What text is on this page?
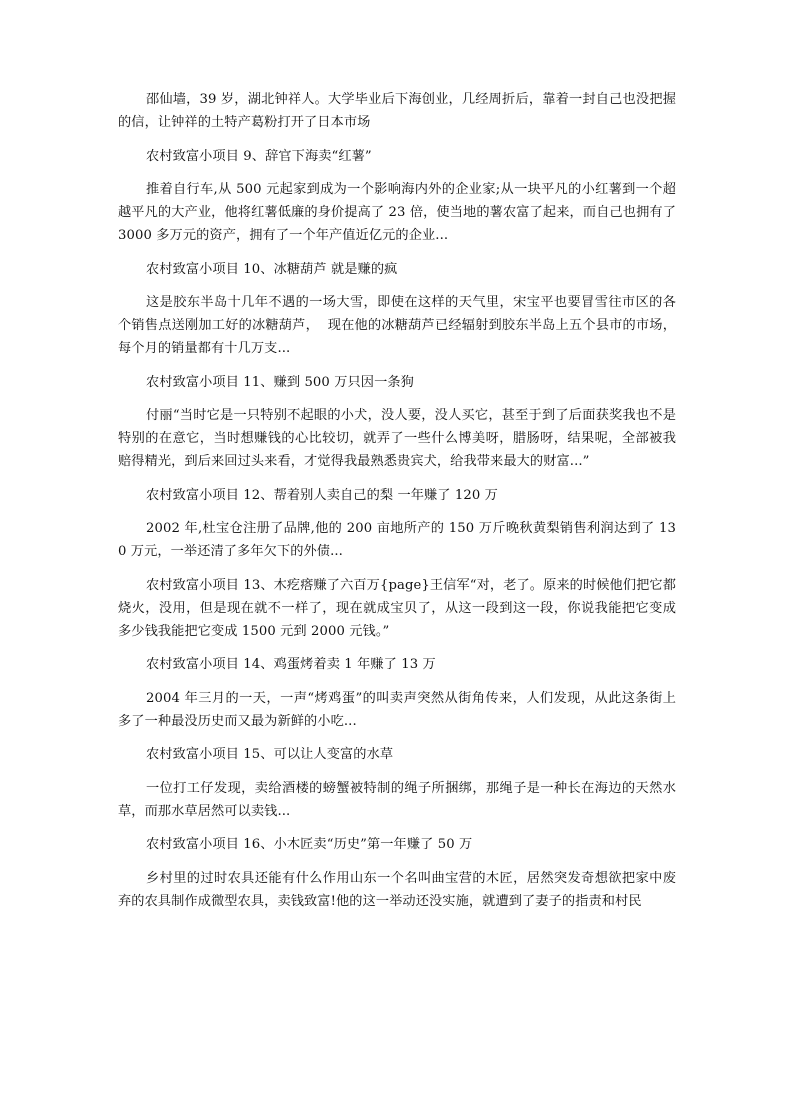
邵仙墙，39 岁，湖北钟祥人。大学毕业后下海创业，几经周折后，靠着一封自己也没把握的信，让钟祥的土特产葛粉打开了日本市场

农村致富小项目 9、辞官下海卖“红薯”

推着自行车,从 500 元起家到成为一个影响海内外的企业家;从一块平凡的小红薯到一个超越平凡的大产业，他将红薯低廉的身价提高了 23 倍，使当地的薯农富了起来，而自己也拥有了 3000 多万元的资产，拥有了一个年产值近亿元的企业...

农村致富小项目 10、冰糖葫芦 就是赚的疯

这是胶东半岛十几年不遇的一场大雪，即使在这样的天气里，宋宝平也要冒雪往市区的各个销售点送刚加工好的冰糖葫芦，  现在他的冰糖葫芦已经辐射到胶东半岛上五个县市的市场，每个月的销量都有十几万支...

农村致富小项目 11、赚到 500 万只因一条狗

付丽“当时它是一只特别不起眼的小犬，没人要，没人买它，甚至于到了后面获奖我也不是特别的在意它，当时想赚钱的心比较切，就弄了一些什么博美呀，腊肠呀，结果呢，全部被我赔得精光，到后来回过头来看，才觉得我最熟悉贵宾犬，给我带来最大的财富...”

农村致富小项目 12、帮着别人卖自己的梨 一年赚了 120 万

2002 年,杜宝仓注册了品牌,他的 200 亩地所产的 150 万斤晚秋黄梨销售利润达到了 130 万元，一举还清了多年欠下的外债...

农村致富小项目 13、木疙瘩赚了六百万{page}王信军“对，老了。原来的时候他们把它都烧火，没用，但是现在就不一样了，现在就成宝贝了，从这一段到这一段，你说我能把它变成多少钱我能把它变成 1500 元到 2000 元钱。”

农村致富小项目 14、鸡蛋烤着卖 1 年赚了 13 万

2004 年三月的一天，一声“烤鸡蛋”的叫卖声突然从街角传来，人们发现，从此这条街上多了一种最没历史而又最为新鲜的小吃...

农村致富小项目 15、可以让人变富的水草

一位打工仔发现，卖给酒楼的螃蟹被特制的绳子所捆绑，那绳子是一种长在海边的天然水草，而那水草居然可以卖钱...

农村致富小项目 16、小木匠卖“历史”第一年赚了 50 万

乡村里的过时农具还能有什么作用山东一个名叫曲宝营的木匠，居然突发奇想欲把家中废弃的农具制作成微型农具，卖钱致富!他的这一举动还没实施，就遭到了妻子的指责和村民
